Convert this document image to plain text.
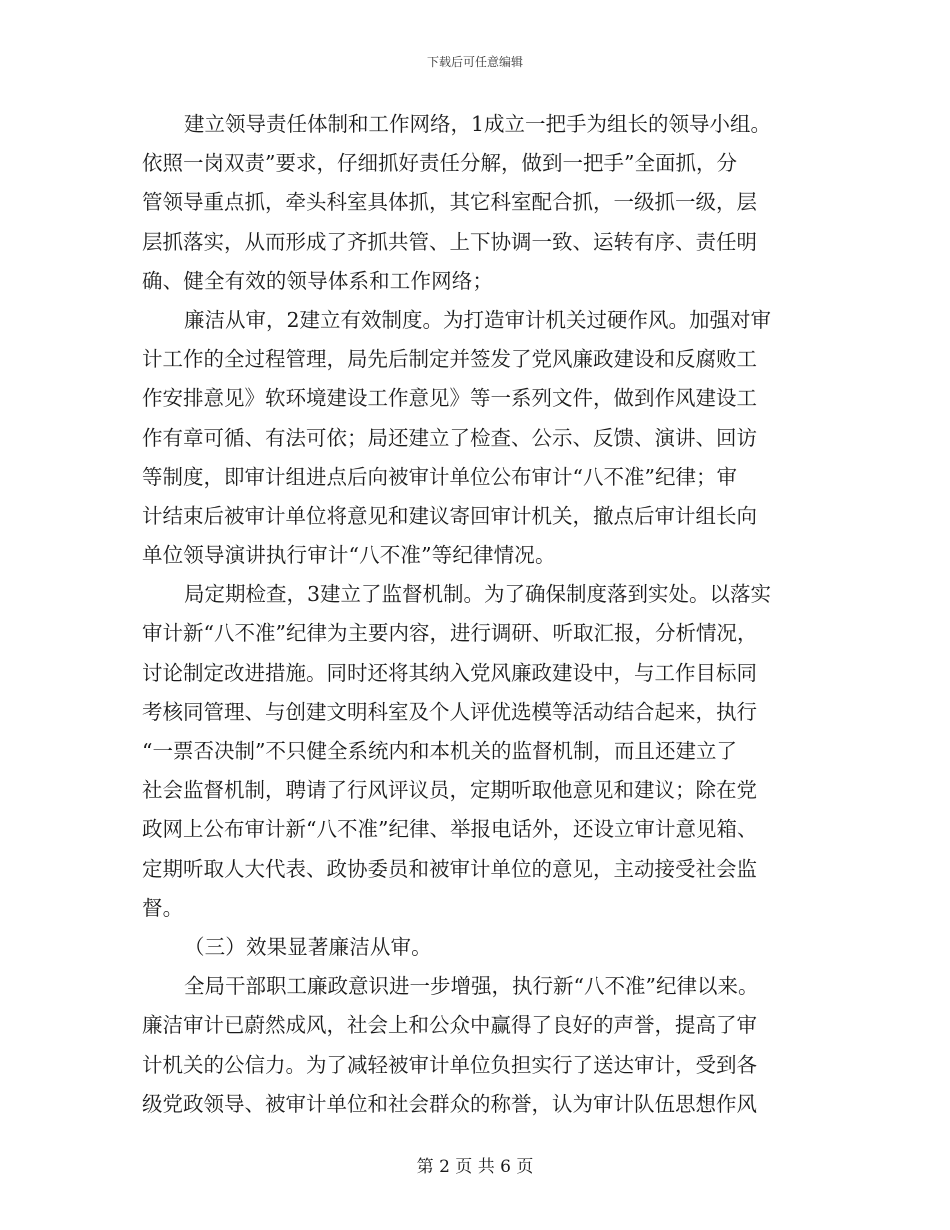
下载后可任意编辑
建立领导责任体制和工作网络，1成立一把手为组长的领导小组。
依照一岗双责”要求，仔细抓好责任分解，做到一把手”全面抓，分
管领导重点抓，牵头科室具体抓，其它科室配合抓，一级抓一级，层
层抓落实，从而形成了齐抓共管、上下协调一致、运转有序、责任明
确、健全有效的领导体系和工作网络；
廉洁从审，2建立有效制度。为打造审计机关过硬作风。加强对审
计工作的全过程管理，局先后制定并签发了党风廉政建设和反腐败工
作安排意见》软环境建设工作意见》等一系列文件，做到作风建设工
作有章可循、有法可依；局还建立了检查、公示、反馈、演讲、回访
等制度，即审计组进点后向被审计单位公布审计“八不准”纪律；审
计结束后被审计单位将意见和建议寄回审计机关，撤点后审计组长向
单位领导演讲执行审计“八不准”等纪律情况。
局定期检查，3建立了监督机制。为了确保制度落到实处。以落实
审计新“八不准”纪律为主要内容，进行调研、听取汇报，分析情况，
讨论制定改进措施。同时还将其纳入党风廉政建设中，与工作目标同
考核同管理、与创建文明科室及个人评优选模等活动结合起来，执行
“一票否决制”不只健全系统内和本机关的监督机制，而且还建立了
社会监督机制，聘请了行风评议员，定期听取他意见和建议；除在党
政网上公布审计新“八不准”纪律、举报电话外，还设立审计意见箱、
定期听取人大代表、政协委员和被审计单位的意见，主动接受社会监
督。
（三）效果显著廉洁从审。
全局干部职工廉政意识进一步增强，执行新“八不准”纪律以来。
廉洁审计已蔚然成风，社会上和公众中赢得了良好的声誉，提高了审
计机关的公信力。为了减轻被审计单位负担实行了送达审计，受到各
级党政领导、被审计单位和社会群众的称誉，认为审计队伍思想作风
第 2 页 共 6 页
